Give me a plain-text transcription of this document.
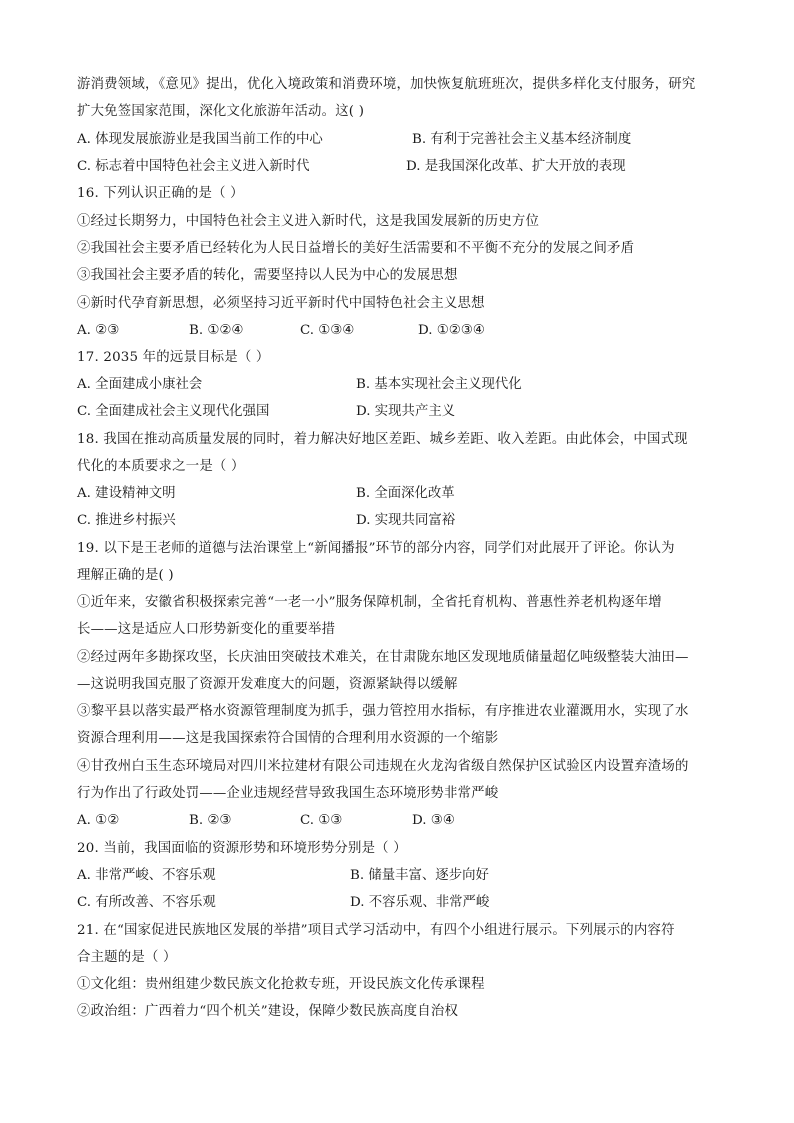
游消费领域，《意见》提出，优化入境政策和消费环境，加快恢复航班班次，提供多样化支付服务，研究
扩大免签国家范围，深化文化旅游年活动。这( )
A. 体现发展旅游业是我国当前工作的中心	B. 有利于完善社会主义基本经济制度
C. 标志着中国特色社会主义进入新时代	D. 是我国深化改革、扩大开放的表现
16. 下列认识正确的是（ ）
①经过长期努力，中国特色社会主义进入新时代，这是我国发展新的历史方位
②我国社会主要矛盾已经转化为人民日益增长的美好生活需要和不平衡不充分的发展之间矛盾
③我国社会主要矛盾的转化，需要坚持以人民为中心的发展思想
④新时代孕育新思想，必须坚持习近平新时代中国特色社会主义思想
A. ②③	B. ①②④	C. ①③④	D. ①②③④
17. 2035 年的远景目标是（ ）
A. 全面建成小康社会	B. 基本实现社会主义现代化
C. 全面建成社会主义现代化强国	D. 实现共产主义
18. 我国在推动高质量发展的同时，着力解决好地区差距、城乡差距、收入差距。由此体会，中国式现
代化的本质要求之一是（ ）
A. 建设精神文明	B. 全面深化改革
C. 推进乡村振兴	D. 实现共同富裕
19. 以下是王老师的道德与法治课堂上“新闻播报”环节的部分内容，同学们对此展开了评论。你认为
理解正确的是( )
①近年来，安徽省积极探索完善“一老一小”服务保障机制，全省托育机构、普惠性养老机构逐年增
长——这是适应人口形势新变化的重要举措
②经过两年多勘探攻坚，长庆油田突破技术难关，在甘肃陇东地区发现地质储量超亿吨级整装大油田—
—这说明我国克服了资源开发难度大的问题，资源紧缺得以缓解
③黎平县以落实最严格水资源管理制度为抓手，强力管控用水指标，有序推进农业灌溉用水，实现了水
资源合理利用——这是我国探索符合国情的合理利用水资源的一个缩影
④甘孜州白玉生态环境局对四川米拉建材有限公司违规在火龙沟省级自然保护区试验区内设置弃渣场的
行为作出了行政处罚——企业违规经营导致我国生态环境形势非常严峻
A. ①②	B. ②③	C. ①③	D. ③④
20. 当前，我国面临的资源形势和环境形势分别是（ ）
A. 非常严峻、不容乐观	B. 储量丰富、逐步向好
C. 有所改善、不容乐观	D. 不容乐观、非常严峻
21. 在“国家促进民族地区发展的举措”项目式学习活动中，有四个小组进行展示。下列展示的内容符
合主题的是（ ）
①文化组：贵州组建少数民族文化抢救专班，开设民族文化传承课程
②政治组：广西着力“四个机关”建设，保障少数民族高度自治权
